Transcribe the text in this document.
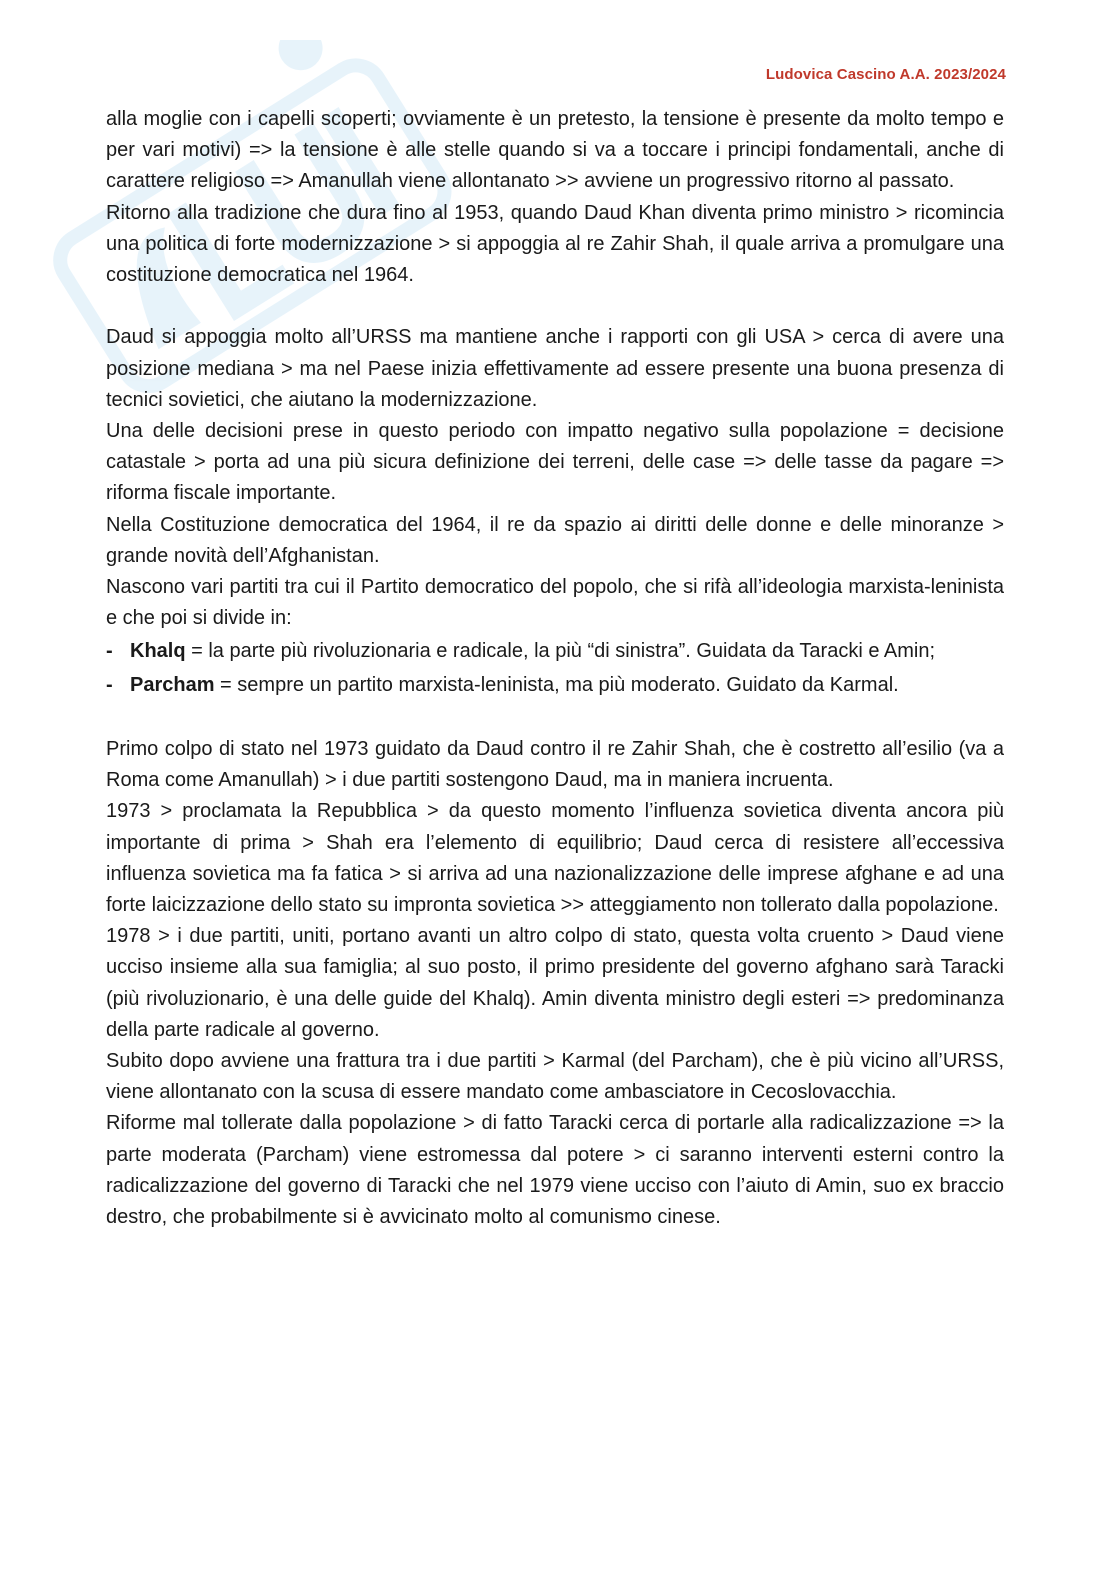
Ludovica Cascino A.A. 2023/2024

alla moglie con i capelli scoperti; ovviamente è un pretesto, la tensione è presente da molto tempo e per vari motivi) => la tensione è alle stelle quando si va a toccare i principi fondamentali, anche di carattere religioso => Amanullah viene allontanato >> avviene un progressivo ritorno al passato.

Ritorno alla tradizione che dura fino al 1953, quando Daud Khan diventa primo ministro > ricomincia una politica di forte modernizzazione > si appoggia al re Zahir Shah, il quale arriva a promulgare una costituzione democratica nel 1964.

Daud si appoggia molto all’URSS ma mantiene anche i rapporti con gli USA > cerca di avere una posizione mediana > ma nel Paese inizia effettivamente ad essere presente una buona presenza di tecnici sovietici, che aiutano la modernizzazione.

Una delle decisioni prese in questo periodo con impatto negativo sulla popolazione = decisione catastale > porta ad una più sicura definizione dei terreni, delle case => delle tasse da pagare => riforma fiscale importante.

Nella Costituzione democratica del 1964, il re da spazio ai diritti delle donne e delle minoranze > grande novità dell’Afghanistan.

Nascono vari partiti tra cui il Partito democratico del popolo, che si rifà all’ideologia marxista-leninista e che poi si divide in:

- Khalq = la parte più rivoluzionaria e radicale, la più “di sinistra”. Guidata da Taracki e Amin;
- Parcham = sempre un partito marxista-leninista, ma più moderato. Guidato da Karmal.

Primo colpo di stato nel 1973 guidato da Daud contro il re Zahir Shah, che è costretto all’esilio (va a Roma come Amanullah) > i due partiti sostengono Daud, ma in maniera incruenta.

1973 > proclamata la Repubblica > da questo momento l’influenza sovietica diventa ancora più importante di prima > Shah era l’elemento di equilibrio; Daud cerca di resistere all’eccessiva influenza sovietica ma fa fatica > si arriva ad una nazionalizzazione delle imprese afghane e ad una forte laicizzazione dello stato su impronta sovietica >> atteggiamento non tollerato dalla popolazione.

1978 > i due partiti, uniti, portano avanti un altro colpo di stato, questa volta cruento > Daud viene ucciso insieme alla sua famiglia; al suo posto, il primo presidente del governo afghano sarà Taracki (più rivoluzionario, è una delle guide del Khalq). Amin diventa ministro degli esteri => predominanza della parte radicale al governo.

Subito dopo avviene una frattura tra i due partiti > Karmal (del Parcham), che è più vicino all’URSS, viene allontanato con la scusa di essere mandato come ambasciatore in Cecoslovacchia.

Riforme mal tollerate dalla popolazione > di fatto Taracki cerca di portarle alla radicalizzazione => la parte moderata (Parcham) viene estromessa dal potere > ci saranno interventi esterni contro la radicalizzazione del governo di Taracki che nel 1979 viene ucciso con l’aiuto di Amin, suo ex braccio destro, che probabilmente si è avvicinato molto al comunismo cinese.
